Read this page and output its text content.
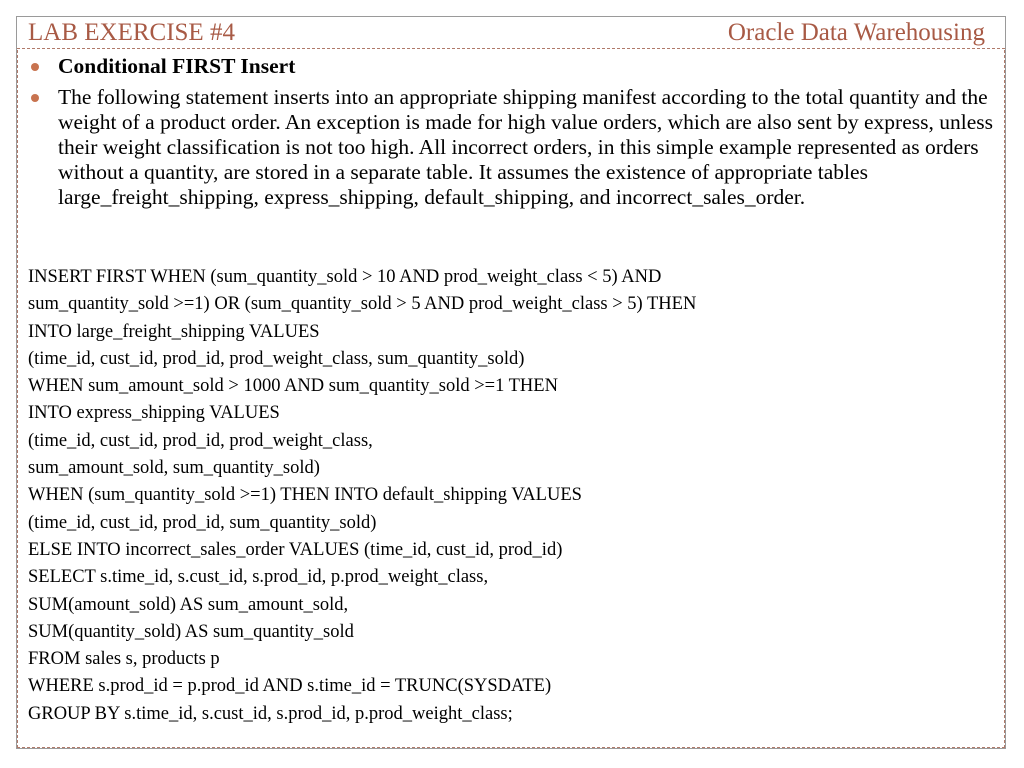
LAB EXERCISE #4	Oracle Data Warehousing
Conditional FIRST Insert
The following statement inserts into an appropriate shipping manifest according to the total quantity and the weight of a product order. An exception is made for high value orders, which are also sent by express, unless their weight classification is not too high. All incorrect orders, in this simple example represented as orders without a quantity, are stored in a separate table. It assumes the existence of appropriate tables large_freight_shipping, express_shipping, default_shipping, and incorrect_sales_order.
INSERT FIRST WHEN (sum_quantity_sold > 10 AND prod_weight_class < 5) AND
sum_quantity_sold >=1) OR (sum_quantity_sold > 5 AND prod_weight_class > 5) THEN
INTO large_freight_shipping VALUES
(time_id, cust_id, prod_id, prod_weight_class, sum_quantity_sold)
WHEN sum_amount_sold > 1000 AND sum_quantity_sold >=1 THEN
INTO express_shipping VALUES
(time_id, cust_id, prod_id, prod_weight_class,
sum_amount_sold, sum_quantity_sold)
WHEN (sum_quantity_sold >=1) THEN INTO default_shipping VALUES
(time_id, cust_id, prod_id, sum_quantity_sold)
ELSE INTO incorrect_sales_order VALUES (time_id, cust_id, prod_id)
SELECT s.time_id, s.cust_id, s.prod_id, p.prod_weight_class,
SUM(amount_sold) AS sum_amount_sold,
SUM(quantity_sold) AS sum_quantity_sold
FROM sales s, products p
WHERE s.prod_id = p.prod_id AND s.time_id = TRUNC(SYSDATE)
GROUP BY s.time_id, s.cust_id, s.prod_id, p.prod_weight_class;
